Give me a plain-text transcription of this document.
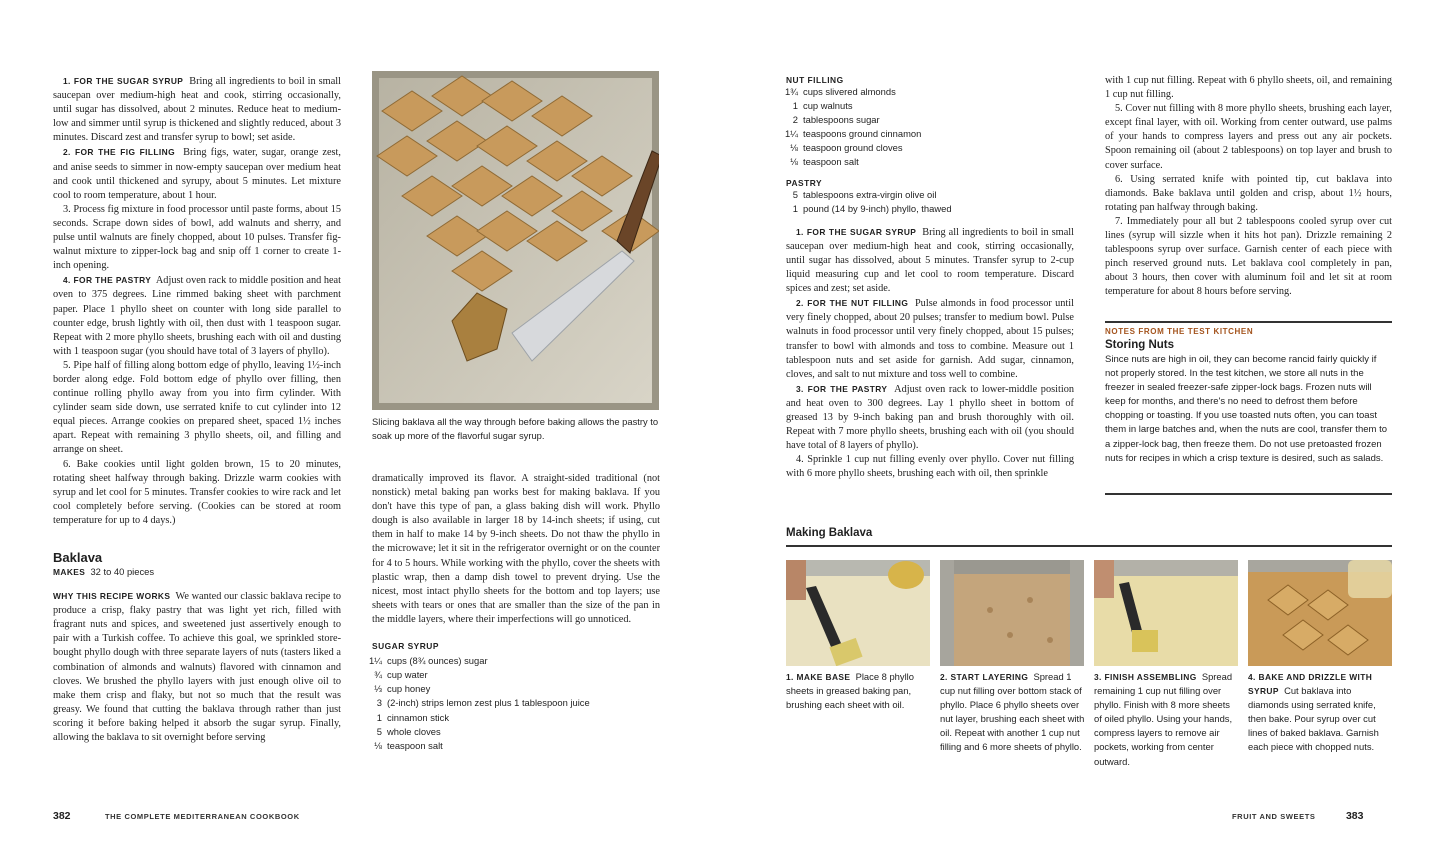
1. FOR THE SUGAR SYRUP Bring all ingredients to boil in small saucepan over medium-high heat and cook, stirring occasionally, until sugar has dissolved, about 2 minutes. Reduce heat to medium-low and simmer until syrup is thickened and slightly reduced, about 3 minutes. Discard zest and transfer syrup to bowl; set aside.

2. FOR THE FIG FILLING Bring figs, water, sugar, orange zest, and anise seeds to simmer in now-empty saucepan over medium heat and cook until thickened and syrupy, about 5 minutes. Let mixture cool to room temperature, about 1 hour.

3. Process fig mixture in food processor until paste forms, about 15 seconds. Scrape down sides of bowl, add walnuts and sherry, and pulse until walnuts are finely chopped, about 10 pulses. Transfer fig-walnut mixture to zipper-lock bag and snip off 1 corner to create 1-inch opening.

4. FOR THE PASTRY Adjust oven rack to middle position and heat oven to 375 degrees. Line rimmed baking sheet with parchment paper. Place 1 phyllo sheet on counter with long side parallel to counter edge, brush lightly with oil, then dust with 1 teaspoon sugar. Repeat with 2 more phyllo sheets, brushing each with oil and dusting with 1 teaspoon sugar (you should have total of 3 layers of phyllo).

5. Pipe half of filling along bottom edge of phyllo, leaving 1½-inch border along edge. Fold bottom edge of phyllo over filling, then continue rolling phyllo away from you into firm cylinder. With cylinder seam side down, use serrated knife to cut cylinder into 12 equal pieces. Arrange cookies on prepared sheet, spaced 1½ inches apart. Repeat with remaining 3 phyllo sheets, oil, and filling and arrange on sheet.

6. Bake cookies until light golden brown, 15 to 20 minutes, rotating sheet halfway through baking. Drizzle warm cookies with syrup and let cool for 5 minutes. Transfer cookies to wire rack and let cool completely before serving. (Cookies can be stored at room temperature for up to 4 days.)

Baklava
MAKES 32 to 40 pieces

WHY THIS RECIPE WORKS We wanted our classic baklava recipe to produce a crisp, flaky pastry that was light yet rich, filled with fragrant nuts and spices, and sweetened just assertively enough to pair with a Turkish coffee. To achieve this goal, we sprinkled store-bought phyllo dough with three separate layers of nuts (tasters liked a combination of almonds and walnuts) flavored with cinnamon and cloves. We brushed the phyllo layers with just enough olive oil to make them crisp and flaky, but not so much that the result was greasy. We found that cutting the baklava through rather than just scoring it before baking helped it absorb the sugar syrup. Finally, allowing the baklava to sit overnight before serving

Slicing baklava all the way through before baking allows the pastry to soak up more of the flavorful sugar syrup.

dramatically improved its flavor. A straight-sided traditional (not nonstick) metal baking pan works best for making baklava. If you don't have this type of pan, a glass baking dish will work. Phyllo dough is also available in larger 18 by 14-inch sheets; if using, cut them in half to make 14 by 9-inch sheets. Do not thaw the phyllo in the microwave; let it sit in the refrigerator overnight or on the counter for 4 to 5 hours. While working with the phyllo, cover the sheets with plastic wrap, then a damp dish towel to prevent drying. Use the nicest, most intact phyllo sheets for the bottom and top layers; use sheets with tears or ones that are smaller than the size of the pan in the middle layers, where their imperfections will go unnoticed.

SUGAR SYRUP
1¼ cups (8¾ ounces) sugar
¾ cup water
⅓ cup honey
3 (2-inch) strips lemon zest plus 1 tablespoon juice
1 cinnamon stick
5 whole cloves
⅛ teaspoon salt
382	THE COMPLETE MEDITERRANEAN COOKBOOK
NUT FILLING
1¾ cups slivered almonds
1 cup walnuts
2 tablespoons sugar
1¼ teaspoons ground cinnamon
⅛ teaspoon ground cloves
⅛ teaspoon salt
PASTRY
5 tablespoons extra-virgin olive oil
1 pound (14 by 9-inch) phyllo, thawed

1. FOR THE SUGAR SYRUP Bring all ingredients to boil in small saucepan over medium-high heat and cook, stirring occasionally, until sugar has dissolved, about 5 minutes. Transfer syrup to 2-cup liquid measuring cup and let cool to room temperature. Discard spices and zest; set aside.

2. FOR THE NUT FILLING Pulse almonds in food processor until very finely chopped, about 20 pulses; transfer to medium bowl. Pulse walnuts in food processor until very finely chopped, about 15 pulses; transfer to bowl with almonds and toss to combine. Measure out 1 tablespoon nuts and set aside for garnish. Add sugar, cinnamon, cloves, and salt to nut mixture and toss well to combine.

3. FOR THE PASTRY Adjust oven rack to lower-middle position and heat oven to 300 degrees. Lay 1 phyllo sheet in bottom of greased 13 by 9-inch baking pan and brush thoroughly with oil. Repeat with 7 more phyllo sheets, brushing each with oil (you should have total of 8 layers of phyllo).

4. Sprinkle 1 cup nut filling evenly over phyllo. Cover nut filling with 6 more phyllo sheets, brushing each with oil, then sprinkle

with 1 cup nut filling. Repeat with 6 phyllo sheets, oil, and remaining 1 cup nut filling.

5. Cover nut filling with 8 more phyllo sheets, brushing each layer, except final layer, with oil. Working from center outward, use palms of your hands to compress layers and press out any air pockets. Spoon remaining oil (about 2 tablespoons) on top layer and brush to cover surface.

6. Using serrated knife with pointed tip, cut baklava into diamonds. Bake baklava until golden and crisp, about 1½ hours, rotating pan halfway through baking.

7. Immediately pour all but 2 tablespoons cooled syrup over cut lines (syrup will sizzle when it hits hot pan). Drizzle remaining 2 tablespoons syrup over surface. Garnish center of each piece with pinch reserved ground nuts. Let baklava cool completely in pan, about 3 hours, then cover with aluminum foil and let sit at room temperature for about 8 hours before serving.

NOTES FROM THE TEST KITCHEN
Storing Nuts
Since nuts are high in oil, they can become rancid fairly quickly if not properly stored. In the test kitchen, we store all nuts in the freezer in sealed freezer-safe zipper-lock bags. Frozen nuts will keep for months, and there's no need to defrost them before chopping or toasting. If you use toasted nuts often, you can toast them in large batches and, when the nuts are cool, transfer them to a zipper-lock bag, then freeze them. Do not use pretoasted frozen nuts for recipes in which a crisp texture is desired, such as salads.
Making Baklava
1. MAKE BASE Place 8 phyllo sheets in greased baking pan, brushing each sheet with oil.
2. START LAYERING Spread 1 cup nut filling over bottom stack of phyllo. Place 6 phyllo sheets over nut layer, brushing each sheet with oil. Repeat with another 1 cup nut filling and 6 more sheets of phyllo.
3. FINISH ASSEMBLING Spread remaining 1 cup nut filling over phyllo. Finish with 8 more sheets of oiled phyllo. Using your hands, compress layers to remove air pockets, working from center outward.
4. BAKE AND DRIZZLE WITH SYRUP Cut baklava into diamonds using serrated knife, then bake. Pour syrup over cut lines of baked baklava. Garnish each piece with chopped nuts.
FRUIT AND SWEETS	383
